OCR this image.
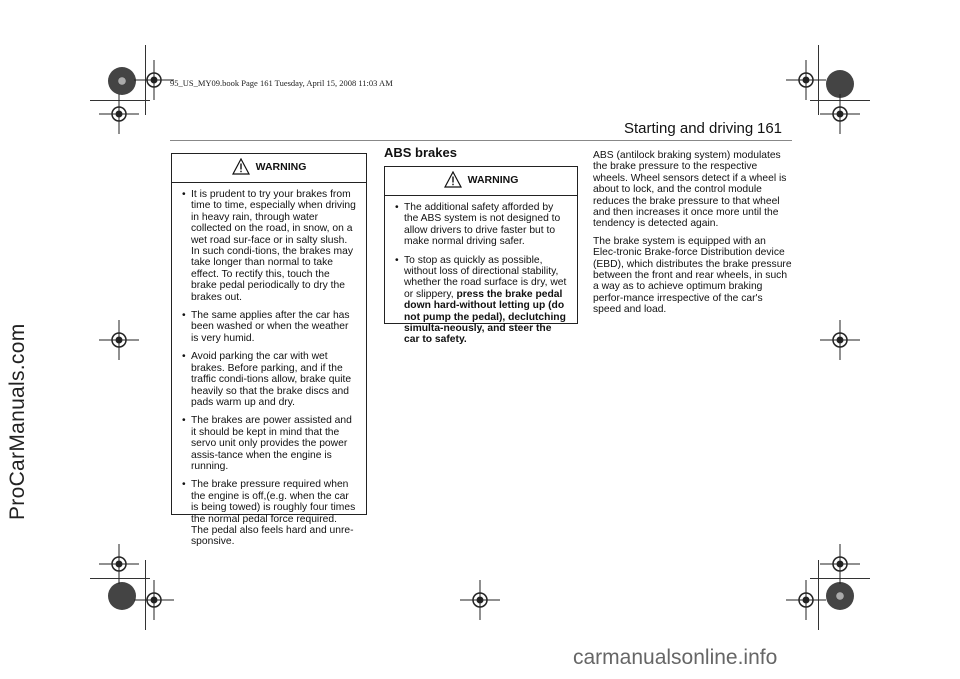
95_US_MY09.book Page 161 Tuesday, April 15, 2008 11:03 AM
Starting and driving 161
WARNING
• It is prudent to try your brakes from time to time, especially when driving in heavy rain, through water collected on the road, in snow, on a wet road sur-face or in salty slush. In such condi-tions, the brakes may take longer than normal to take effect. To rectify this, touch the brake pedal periodically to dry the brakes out.
• The same applies after the car has been washed or when the weather is very humid.
• Avoid parking the car with wet brakes. Before parking, and if the traffic condi-tions allow, brake quite heavily so that the brake discs and pads warm up and dry.
• The brakes are power assisted and it should be kept in mind that the servo unit only provides the power assis-tance when the engine is running.
• The brake pressure required when the engine is off,(e.g. when the car is being towed) is roughly four times the normal pedal force required. The pedal also feels hard and unre-sponsive.
ABS brakes
WARNING
• The additional safety afforded by the ABS system is not designed to allow drivers to drive faster but to make normal driving safer.
• To stop as quickly as possible, without loss of directional stability, whether the road surface is dry, wet or slippery, press the brake pedal down hard-without letting up (do not pump the pedal), declutching simulta-neously, and steer the car to safety.

ABS (antilock braking system) modulates the brake pressure to the respective wheels. Wheel sensors detect if a wheel is about to lock, and the control module reduces the brake pressure to that wheel and then increases it once more until the tendency is detected again.

The brake system is equipped with an Elec-tronic Brake-force Distribution device (EBD), which distributes the brake pressure between the front and rear wheels, in such a way as to achieve optimum braking perfor-mance irrespective of the car's speed and load.

ProCarManuals.com
carmanualsonline.info
